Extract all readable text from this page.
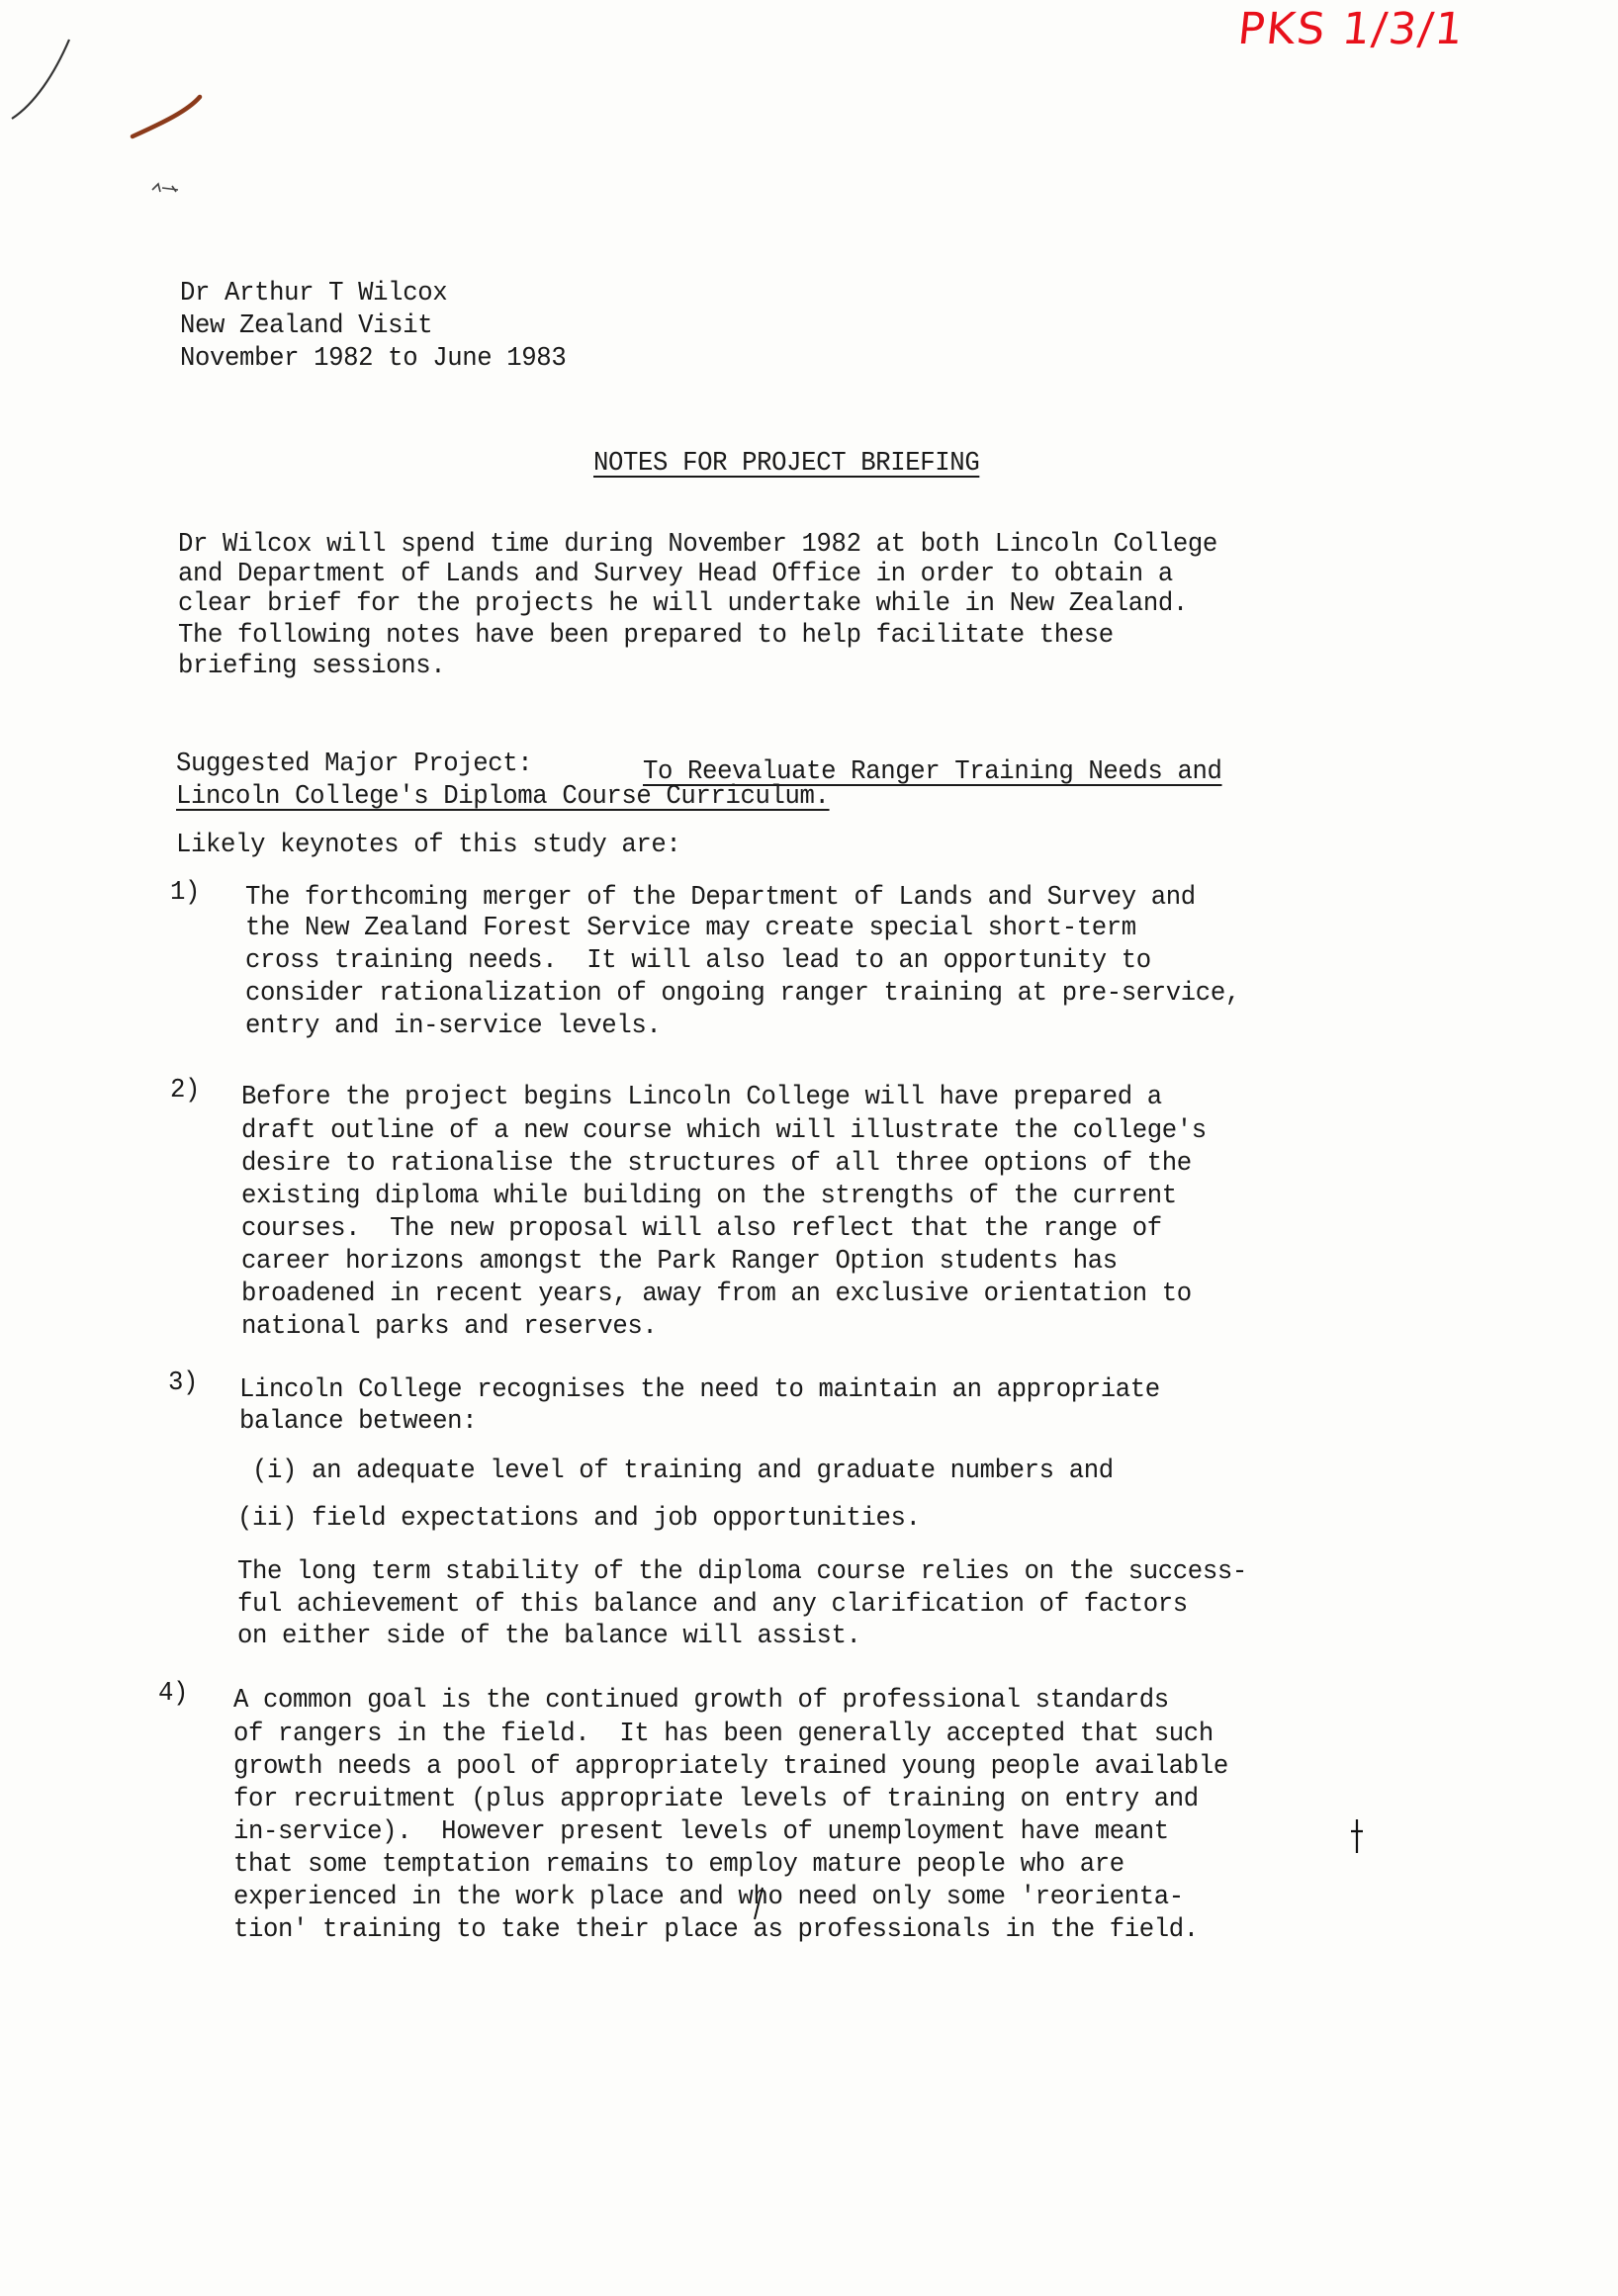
PKS 1/3/1
Dr Arthur T Wilcox
New Zealand Visit
November 1982 to June 1983
NOTES FOR PROJECT BRIEFING
Dr Wilcox will spend time during November 1982 at both Lincoln College
and Department of Lands and Survey Head Office in order to obtain a
clear brief for the projects he will undertake while in New Zealand.
The following notes have been prepared to help facilitate these
briefing sessions.
Suggested Major Project:	To Reevaluate Ranger Training Needs and
Lincoln College's Diploma Course Curriculum.
Likely keynotes of this study are:
1) The forthcoming merger of the Department of Lands and Survey and
the New Zealand Forest Service may create special short-term
cross training needs.  It will also lead to an opportunity to
consider rationalization of ongoing ranger training at pre-service,
entry and in-service levels.
2) Before the project begins Lincoln College will have prepared a
draft outline of a new course which will illustrate the college's
desire to rationalise the structures of all three options of the
existing diploma while building on the strengths of the current
courses.  The new proposal will also reflect that the range of
career horizons amongst the Park Ranger Option students has
broadened in recent years, away from an exclusive orientation to
national parks and reserves.
3) Lincoln College recognises the need to maintain an appropriate
balance between:
(i) an adequate level of training and graduate numbers and
(ii) field expectations and job opportunities.
The long term stability of the diploma course relies on the success-
ful achievement of this balance and any clarification of factors
on either side of the balance will assist.
4) A common goal is the continued growth of professional standards
of rangers in the field.  It has been generally accepted that such
growth needs a pool of appropriately trained young people available
for recruitment (plus appropriate levels of training on entry and
in-service).  However present levels of unemployment have meant
that some temptation remains to employ mature people who are
experienced in the work place and who need only some 'reorienta-
tion' training to take their place as professionals in the field.
